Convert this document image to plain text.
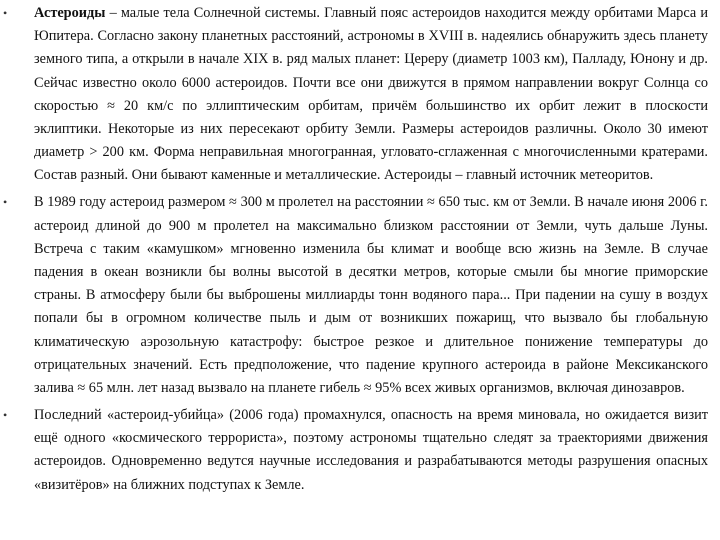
• Астероиды – малые тела Солнечной системы. Главный пояс астероидов находится между орбитами Марса и Юпитера. Согласно закону планетных расстояний, астрономы в XVIII в. надеялись обнаружить здесь планету земного типа, а открыли в начале XIX в. ряд малых планет: Цереру (диаметр 1003 км), Палладу, Юнону и др. Сейчас известно около 6000 астероидов. Почти все они движутся в прямом направлении вокруг Солнца со скоростью ≈ 20 км/с по эллиптическим орбитам, причём большинство их орбит лежит в плоскости эклиптики. Некоторые из них пересекают орбиту Земли. Размеры астероидов различны. Около 30 имеют диаметр > 200 км. Форма неправильная многогранная, угловато-сглаженная с многочисленными кратерами. Состав разный. Они бывают каменные и металлические. Астероиды – главный источник метеоритов.
• В 1989 году астероид размером ≈ 300 м пролетел на расстоянии ≈ 650 тыс. км от Земли. В начале июня 2006 г. астероид длиной до 900 м пролетел на максимально близком расстоянии от Земли, чуть дальше Луны. Встреча с таким «камушком» мгновенно изменила бы климат и вообще всю жизнь на Земле. В случае падения в океан возникли бы волны высотой в десятки метров, которые смыли бы многие приморские страны. В атмосферу были бы выброшены миллиарды тонн водяного пара... При падении на сушу в воздух попали бы в огромном количестве пыль и дым от возникших пожарищ, что вызвало бы глобальную климатическую аэрозольную катастрофу: быстрое резкое и длительное понижение температуры до отрицательных значений. Есть предположение, что падение крупного астероида в районе Мексиканского залива ≈ 65 млн. лет назад вызвало на планете гибель ≈ 95% всех живых организмов, включая динозавров.
• Последний «астероид-убийца» (2006 года) промахнулся, опасность на время миновала, но ожидается визит ещё одного «космического террориста», поэтому астрономы тщательно следят за траекториями движения астероидов. Одновременно ведутся научные исследования и разрабатываются методы разрушения опасных «визитёров» на ближних подступах к Земле.
